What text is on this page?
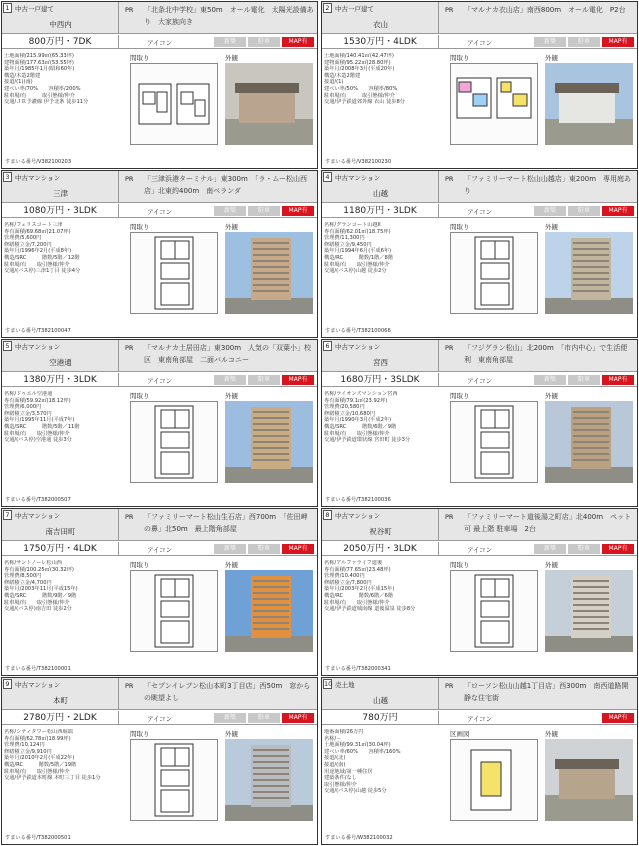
1 中古一戸建て
中西内
PR 「北条北中学校」東50m　オール電化　太陽光設備あり　大家族向き
800万円・7DK	アイコン	新築	駐車	MAP有
土地面積/215.99㎡(65.33坪)
建物面積/177.63㎡(53.55坪)
築年月/1985年1月(昭和60年)
構造/木造2階建
接道/(1)(南)
建ぺい率/70%　　容積率/200%
駐車場/有　　　取引態様/仲介
交通/ＪＲ予讃線 伊予北条 徒歩11分
間取り	外観
すまいる番号/V382100203
2 中古一戸建て
衣山
PR 「マルナカ衣山店」南西800m　オール電化　P2台
1530万円・4LDK	アイコン	新築	駐車	MAP有
土地面積/140.41㎡(42.47坪)
建物面積/95.22㎡(28.80坪)
築年月/2008年3月(平成20年)
構造/木造2階建
接道/(1)
建ぺい率/50%　　容積率/80%
駐車場/有　　　取引態様/仲介
交通/伊予鉄道郊外線 衣山 徒歩8分
間取り	外観
すまいる番号/V382100230
3 中古マンション
三津
PR 「三津浜港ターミナル」東300m　「ラ・ムー松山西店」北東約400m　南ベランダ
1080万円・3LDK	アイコン	新築	駐車	MAP有
名称/フェリスコート三津
専有面積/69.68㎡(21.07坪)
管理費/5,600円
修繕積立金/7,200円
築年月/1996年2月(平成8年)
構造/SRC　　　階数/5階／12階
駐車場/有　　取引態様/仲介
交通/(バス停)三津1丁目 徒歩4分
間取り	外観
すまいる番号/T382100047
4 中古マンション
山越
PR 「ファミリーマート松山山越店」東200m　専用庭あり
1180万円・3LDK	アイコン	新築	駐車	MAP有
名称/グランコート山越II
専有面積/62.01㎡(18.75坪)
管理費/11,300円
修繕積立金/9,450円
築年月/1994年6月(平成6年)
構造/RC　　　階数/1階／8階
駐車場/有　　取引態様/仲介
交通/(バス停)山越 徒歩2分
間取り	外観
すまいる番号/T382100066
5 中古マンション
空港通
PR 「マルナカ土居田店」東300m　人気の「双葉小」校区　東南角部屋　二面バルコニー
1380万円・3LDK	アイコン	新築	駐車	MAP有
名称/ドゥエル空港通
専有面積/59.92㎡(18.12坪)
管理費/6,000円
修繕積立金/3,570円
築年月/1995年11月(平成7年)
構造/SRC　　　階数/5階／11階
駐車場/有　　取引態様/仲介
交通/(バス停)空港通 徒歩3分
間取り	外観
すまいる番号/T382000507
6 中古マンション
宮西
PR 「フジグラン松山」北200m　「市内中心」で生活便利　東南角部屋
1680万円・3SLDK	アイコン	新築	駐車	MAP有
名称/ライオンズマンション宮西
専有面積/79.1㎡(23.92坪)
管理費/20,580円
修繕積立金/10,680円
築年月/1990年3月(平成2年)
構造/SRC　　　階数/6階／9階
駐車場/有　　取引態様/仲介
交通/伊予鉄道環状線 宮田町 徒歩3分
間取り	外観
すまいる番号/T382100036
7 中古マンション
南吉田町
PR 「ファミリーマート松山生石店」西700m　「佐田岬の鼻」北50m　最上階角部屋
1750万円・4LDK	アイコン	新築	駐車	MAP有
名称/サントノーレ松山西
専有面積/100.25㎡(30.32坪)
管理費/8,500円
修繕積立金/4,700円
築年月/2003年11月(平成15年)
構造/SRC　　　階数/9階／9階
駐車場/有　　取引態様/仲介
交通/(バス停)南吉田 徒歩2分
間取り	外観
すまいる番号/T382100001
8 中古マンション
祝谷町
PR 「ファミリーマート道後湯之町店」北400m　ペット可 最上階 駐車場　2台
2050万円・3LDK	アイコン	新築	駐車	MAP有
名称/アルファライフ道後
専有面積/77.65㎡(23.48坪)
管理費/10,400円
修繕積立金/7,800円
築年月/2003年2月(平成15年)
構造/RC　　　階数/6階／6階
駐車場/有　　取引態様/仲介
交通/伊予鉄道城南線 道後温泉 徒歩8分
間取り	外観
すまいる番号/T382000341
9 中古マンション
本町
PR 「セブンイレブン松山本町3丁目店」西50m　窓からの眺望よし
2780万円・2LDK	アイコン	新築	駐車	MAP有
名称/シティタワー松山西堀端
専有面積/62.78㎡(18.99坪)
管理費/10,124円
修繕積立金/9,910円
築年月/2010年2月(平成22年)
構造/RC　　　階数/5階／19階
駐車場/有　　取引態様/仲介
交通/伊予鉄道本町線 本町三丁目 徒歩1分
間取り	外観
すまいる番号/T382000501
10 売土地
山越
PR 「ローソン松山山越1丁目店」西300m　南西道路開静な住宅街
780万円	アイコン	MAP有
地番面積/26万円
名称/－
土地面積/99.31㎡(30.04坪)
建ぺい率/60%　　容積率/160%
接道/(北)
接道/(南)
用途地域/第一種住居
建築条件/なし
取引態様/仲介
交通/(バス停)山越 徒歩5分
区画図	外観
すまいる番号/W382100032
